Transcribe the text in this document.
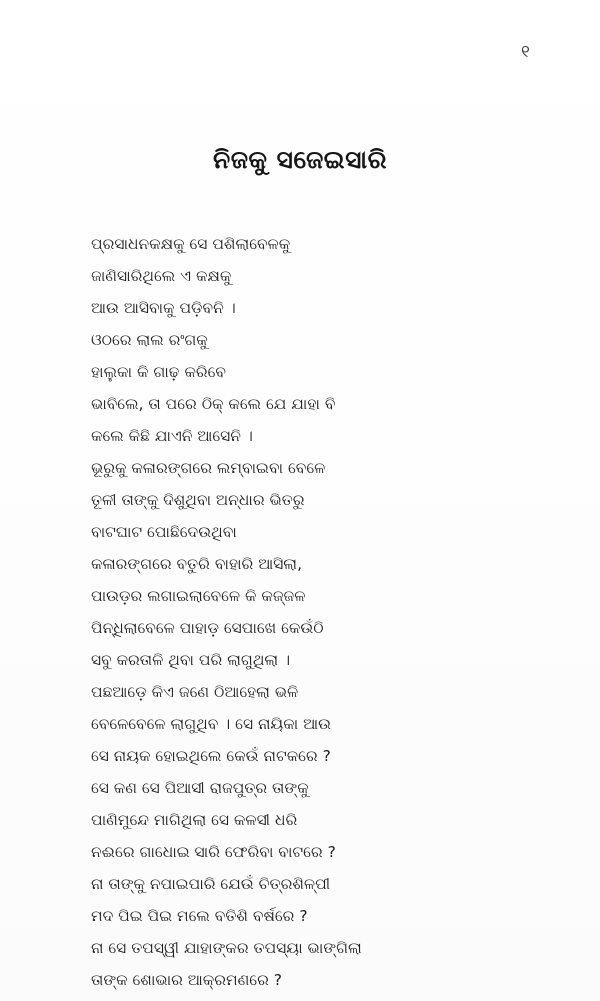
୧
ନିଜକୁ ସଜେଇସାରି
ପ୍ରସାଧନକକ୍ଷକୁ ସେ ପଶିଲାବେଳକୁ
ଜାଣିସାରିଥିଲେ ଏ କକ୍ଷକୁ
ଆଉ ଆସିବାକୁ ପଡ଼ିବନି ।
ଓଠରେ ଲାଲ ରଂଗକୁ
ହାଲୁକା କି ଗାଢ଼ କରିବେ
ଭାବିଲେ, ତା ପରେ ଠିକ୍ କଲେ ଯେ ଯାହା ବି
କଲେ କିଛି ଯାଏନି ଆସେନି ।
ଭୂରୁକୁ କଳାରଙ୍ଗରେ ଲମ୍ବାଇବା ବେଳେ
ତୂଳୀ ତାଙ୍କୁ ଦିଶୁଥିବା ଅନ୍ଧାର ଭିତରୁ
ବାଟଘାଟ ପୋଛିଦେଉଥିବା
କଳାରଙ୍ଗରେ ବତୁରି ବାହାରି ଆସିଲା,
ପାଉଡ଼ର ଲଗାଇଲାବେଳେ କି କଜ୍ଜଳ
ପିନ୍ଧିଲାବେଳେ ପାହାଡ଼ ସେପାଖେ କେଉଁଠି
ସବୁ କରତାଳି ଥିବା ପରି ଲାଗୁଥିଲା ।
ପଛଆଡ଼େ କିଏ ଜଣେ ଠିଆହେଲା ଭଳି
ବେଳେବେଳେ ଲାଗୁଥିବ । ସେ ନାୟିକା ଆଉ
ସେ ନାୟକ ହୋଇଥିଲେ କେଉଁ ନାଟକରେ ?
ସେ କଣ ସେ ପିଆସୀ ରାଜପୁତ୍ର ତାଙ୍କୁ
ପାଣିମୁନ୍ଦେ ମାଗିଥିଲା ସେ କଳସୀ ଧରି
ନଈରେ ଗାଧୋଇ ସାରି ଫେରିବା ବାଟରେ ?
ନା ତାଙ୍କୁ ନପାଇପାରି ଯେଉଁ ଚିତ୍ରଶିଳ୍ପୀ
ମଦ ପିଇ ପିଇ ମଲେ ବତିଶି ବର୍ଷରେ ?
ନା ସେ ତପସ୍ୱୀ ଯାହାଙ୍କର ତପସ୍ୟା ଭାଙ୍ଗିଲା
ତାଙ୍କ ଶୋଭାର ଆକ୍ରମଣରେ ?
